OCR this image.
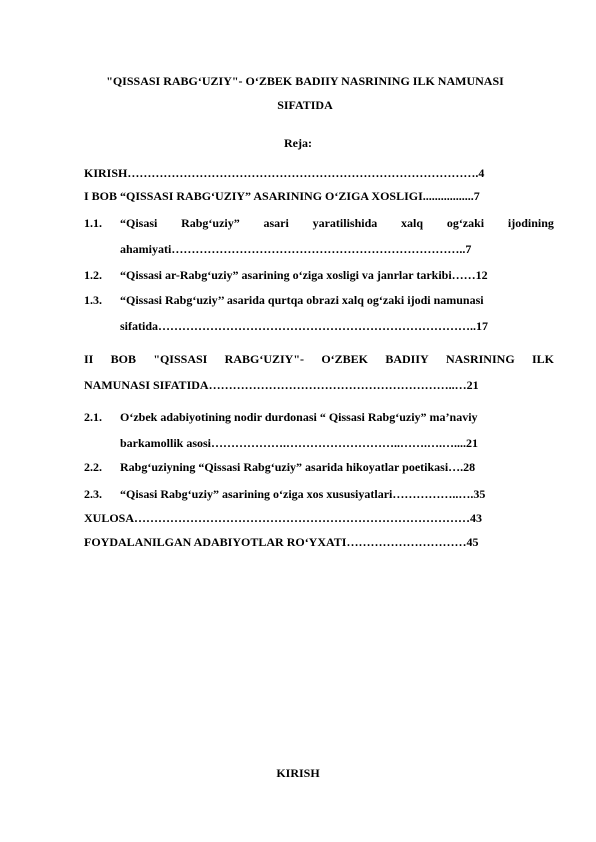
"QISSASI RABG‘UZIY"- O‘ZBEK BADIIY NASRINING ILK NAMUNASI
SIFATIDA
Reja:
KIRISH…………………………………………………………………………….4
I BOB “QISSASI RABG‘UZIY” ASARINING O‘ZIGA XOSLIGI.................7
1.1. “Qisasi Rabg‘uziy” asari yaratilishida xalq og‘zaki ijodining
ahamiyati………………………………………………………………..7
1.2. “Qissasi ar-Rabg‘uziy” asarining o‘ziga xosligi va janrlar tarkibi……12
1.3. “Qissasi Rabg‘uziy’’ asarida qurtqa obrazi xalq og‘zaki ijodi namunasi
sifatida……………………………………………………………………..17
II BOB "QISSASI RABG‘UZIY"- O‘ZBEK BADIIY NASRINING ILK
NAMUNASI SIFATIDA……………………………………………………..…21
2.1. O‘zbek adabiyotining nodir durdonasi “ Qissasi Rabg‘uziy” ma’naviy
barkamollik asosi……………….………………………..…….….…....21
2.2. Rabg‘uziyning “Qissasi Rabg‘uziy” asarida hikoyatlar poetikasi….28
2.3. “Qisasi Rabg‘uziy” asarining o‘ziga xos xususiyatlari……………..….35
XULOSA…………………………………………………………………………43
FOYDALANILGAN ADABIYOTLAR RO‘YXATI…………………………45
KIRISH
